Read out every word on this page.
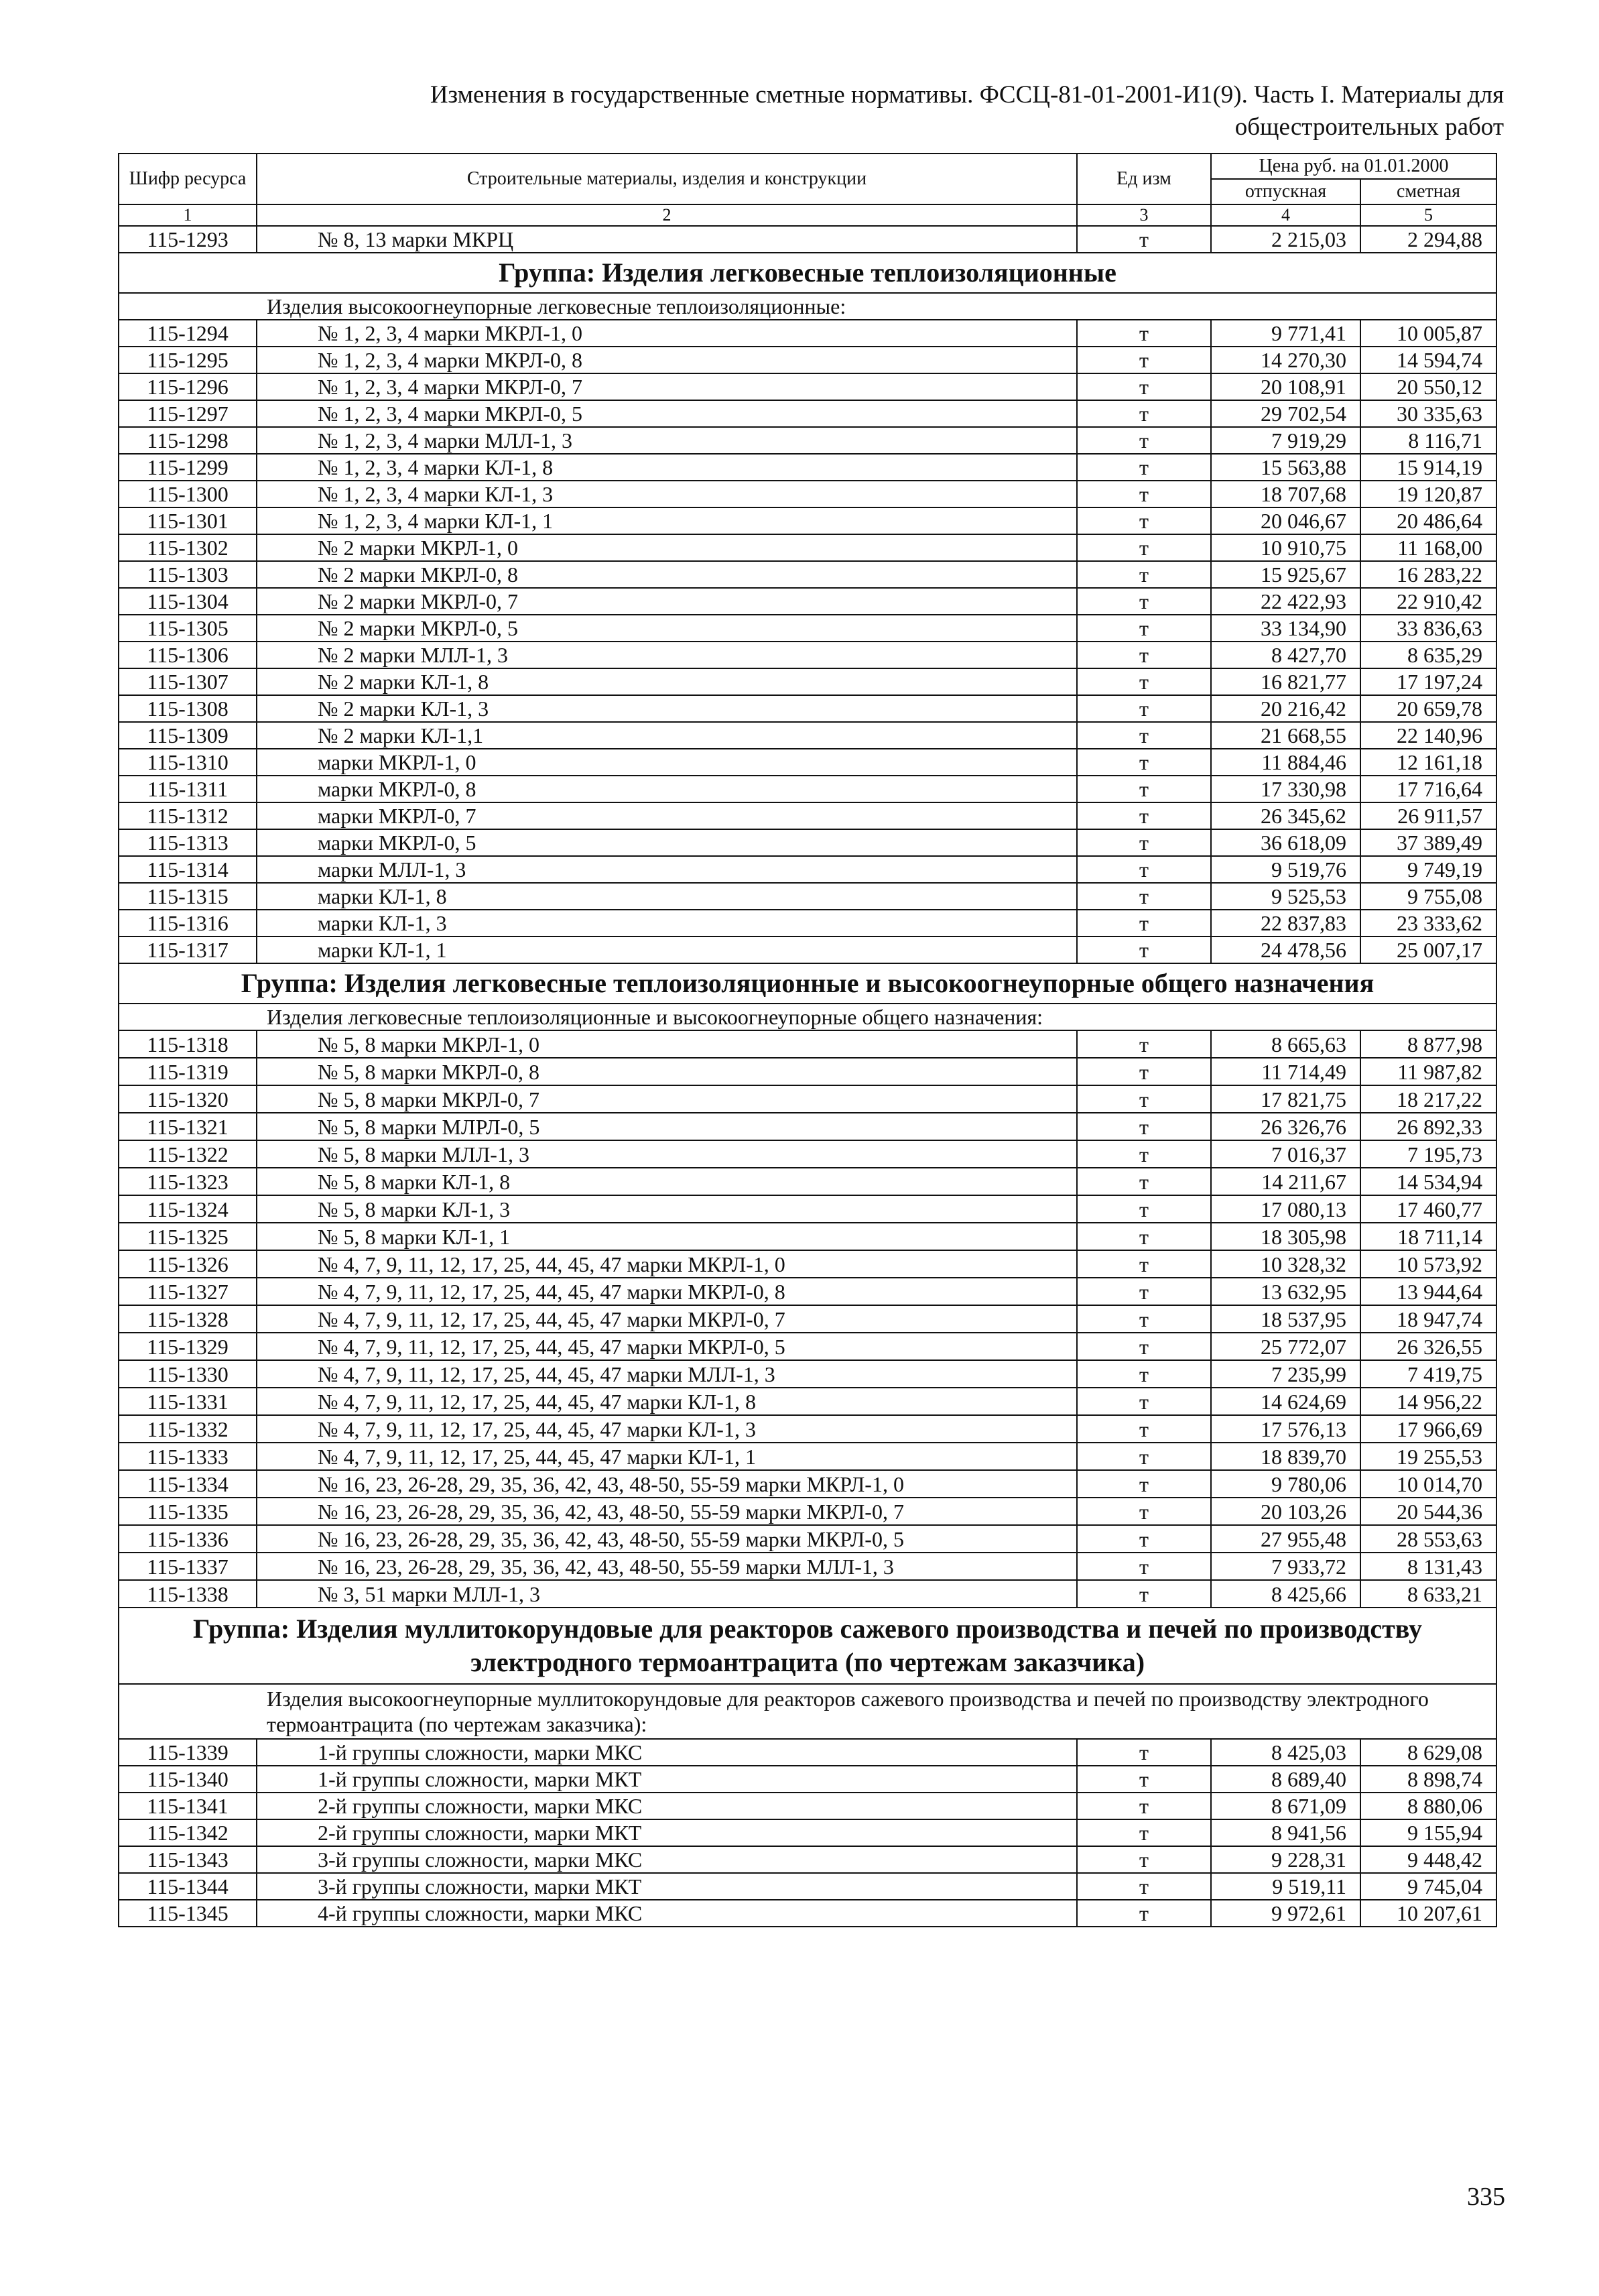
Изменения в государственные сметные нормативы. ФССЦ-81-01-2001-И1(9). Часть I. Материалы для
общестроительных работ
Шифр ресурса	Строительные материалы, изделия и конструкции	Ед изм	Цена руб. на 01.01.2000	
			отпускная	сметная
1	2	3	4	5
115-1293	№ 8, 13 марки МКРЦ	т	2 215,03	2 294,88
Группа: Изделия легковесные теплоизоляционные				
Изделия высокоогнеупорные легковесные теплоизоляционные:				
115-1294	№ 1, 2, 3, 4 марки МКРЛ-1, 0	т	9 771,41	10 005,87
115-1295	№ 1, 2, 3, 4 марки МКРЛ-0, 8	т	14 270,30	14 594,74
115-1296	№ 1, 2, 3, 4 марки МКРЛ-0, 7	т	20 108,91	20 550,12
115-1297	№ 1, 2, 3, 4 марки МКРЛ-0, 5	т	29 702,54	30 335,63
115-1298	№ 1, 2, 3, 4 марки МЛЛ-1, 3	т	7 919,29	8 116,71
115-1299	№ 1, 2, 3, 4 марки КЛ-1, 8	т	15 563,88	15 914,19
115-1300	№ 1, 2, 3, 4 марки КЛ-1, 3	т	18 707,68	19 120,87
115-1301	№ 1, 2, 3, 4 марки КЛ-1, 1	т	20 046,67	20 486,64
115-1302	№ 2 марки МКРЛ-1, 0	т	10 910,75	11 168,00
115-1303	№ 2 марки МКРЛ-0, 8	т	15 925,67	16 283,22
115-1304	№ 2 марки МКРЛ-0, 7	т	22 422,93	22 910,42
115-1305	№ 2 марки МКРЛ-0, 5	т	33 134,90	33 836,63
115-1306	№ 2 марки МЛЛ-1, 3	т	8 427,70	8 635,29
115-1307	№ 2 марки КЛ-1, 8	т	16 821,77	17 197,24
115-1308	№ 2 марки КЛ-1, 3	т	20 216,42	20 659,78
115-1309	№ 2 марки КЛ-1,1	т	21 668,55	22 140,96
115-1310	марки МКРЛ-1, 0	т	11 884,46	12 161,18
115-1311	марки МКРЛ-0, 8	т	17 330,98	17 716,64
115-1312	марки МКРЛ-0, 7	т	26 345,62	26 911,57
115-1313	марки МКРЛ-0, 5	т	36 618,09	37 389,49
115-1314	марки МЛЛ-1, 3	т	9 519,76	9 749,19
115-1315	марки КЛ-1, 8	т	9 525,53	9 755,08
115-1316	марки КЛ-1, 3	т	22 837,83	23 333,62
115-1317	марки КЛ-1, 1	т	24 478,56	25 007,17
Группа: Изделия легковесные теплоизоляционные и высокоогнеупорные общего назначения				
Изделия легковесные теплоизоляционные и высокоогнеупорные общего назначения:				
115-1318	№ 5, 8 марки МКРЛ-1, 0	т	8 665,63	8 877,98
115-1319	№ 5, 8 марки МКРЛ-0, 8	т	11 714,49	11 987,82
115-1320	№ 5, 8 марки МКРЛ-0, 7	т	17 821,75	18 217,22
115-1321	№ 5, 8 марки МЛРЛ-0, 5	т	26 326,76	26 892,33
115-1322	№ 5, 8 марки МЛЛ-1, 3	т	7 016,37	7 195,73
115-1323	№ 5, 8 марки КЛ-1, 8	т	14 211,67	14 534,94
115-1324	№ 5, 8 марки КЛ-1, 3	т	17 080,13	17 460,77
115-1325	№ 5, 8 марки КЛ-1, 1	т	18 305,98	18 711,14
115-1326	№ 4, 7, 9, 11, 12, 17, 25, 44, 45, 47 марки МКРЛ-1, 0	т	10 328,32	10 573,92
115-1327	№ 4, 7, 9, 11, 12, 17, 25, 44, 45, 47 марки МКРЛ-0, 8	т	13 632,95	13 944,64
115-1328	№ 4, 7, 9, 11, 12, 17, 25, 44, 45, 47 марки МКРЛ-0, 7	т	18 537,95	18 947,74
115-1329	№ 4, 7, 9, 11, 12, 17, 25, 44, 45, 47 марки МКРЛ-0, 5	т	25 772,07	26 326,55
115-1330	№ 4, 7, 9, 11, 12, 17, 25, 44, 45, 47 марки МЛЛ-1, 3	т	7 235,99	7 419,75
115-1331	№ 4, 7, 9, 11, 12, 17, 25, 44, 45, 47 марки КЛ-1, 8	т	14 624,69	14 956,22
115-1332	№ 4, 7, 9, 11, 12, 17, 25, 44, 45, 47 марки КЛ-1, 3	т	17 576,13	17 966,69
115-1333	№ 4, 7, 9, 11, 12, 17, 25, 44, 45, 47 марки КЛ-1, 1	т	18 839,70	19 255,53
115-1334	№ 16, 23, 26-28, 29, 35, 36, 42, 43, 48-50, 55-59 марки МКРЛ-1, 0	т	9 780,06	10 014,70
115-1335	№ 16, 23, 26-28, 29, 35, 36, 42, 43, 48-50, 55-59 марки МКРЛ-0, 7	т	20 103,26	20 544,36
115-1336	№ 16, 23, 26-28, 29, 35, 36, 42, 43, 48-50, 55-59 марки МКРЛ-0, 5	т	27 955,48	28 553,63
115-1337	№ 16, 23, 26-28, 29, 35, 36, 42, 43, 48-50, 55-59 марки МЛЛ-1, 3	т	7 933,72	8 131,43
115-1338	№ 3, 51 марки МЛЛ-1, 3	т	8 425,66	8 633,21
Группа: Изделия муллитокорундовые для реакторов сажевого производства и печей по производству электродного термоантрацита (по чертежам заказчика)				
Изделия высокоогнеупорные муллитокорундовые для реакторов сажевого производства и печей по производству электродного термоантрацита (по чертежам заказчика):				
115-1339	1-й группы сложности, марки МКС	т	8 425,03	8 629,08
115-1340	1-й группы сложности, марки МКТ	т	8 689,40	8 898,74
115-1341	2-й группы сложности, марки МКС	т	8 671,09	8 880,06
115-1342	2-й группы сложности, марки МКТ	т	8 941,56	9 155,94
115-1343	3-й группы сложности, марки МКС	т	9 228,31	9 448,42
115-1344	3-й группы сложности, марки МКТ	т	9 519,11	9 745,04
115-1345	4-й группы сложности, марки МКС	т	9 972,61	10 207,61
335
